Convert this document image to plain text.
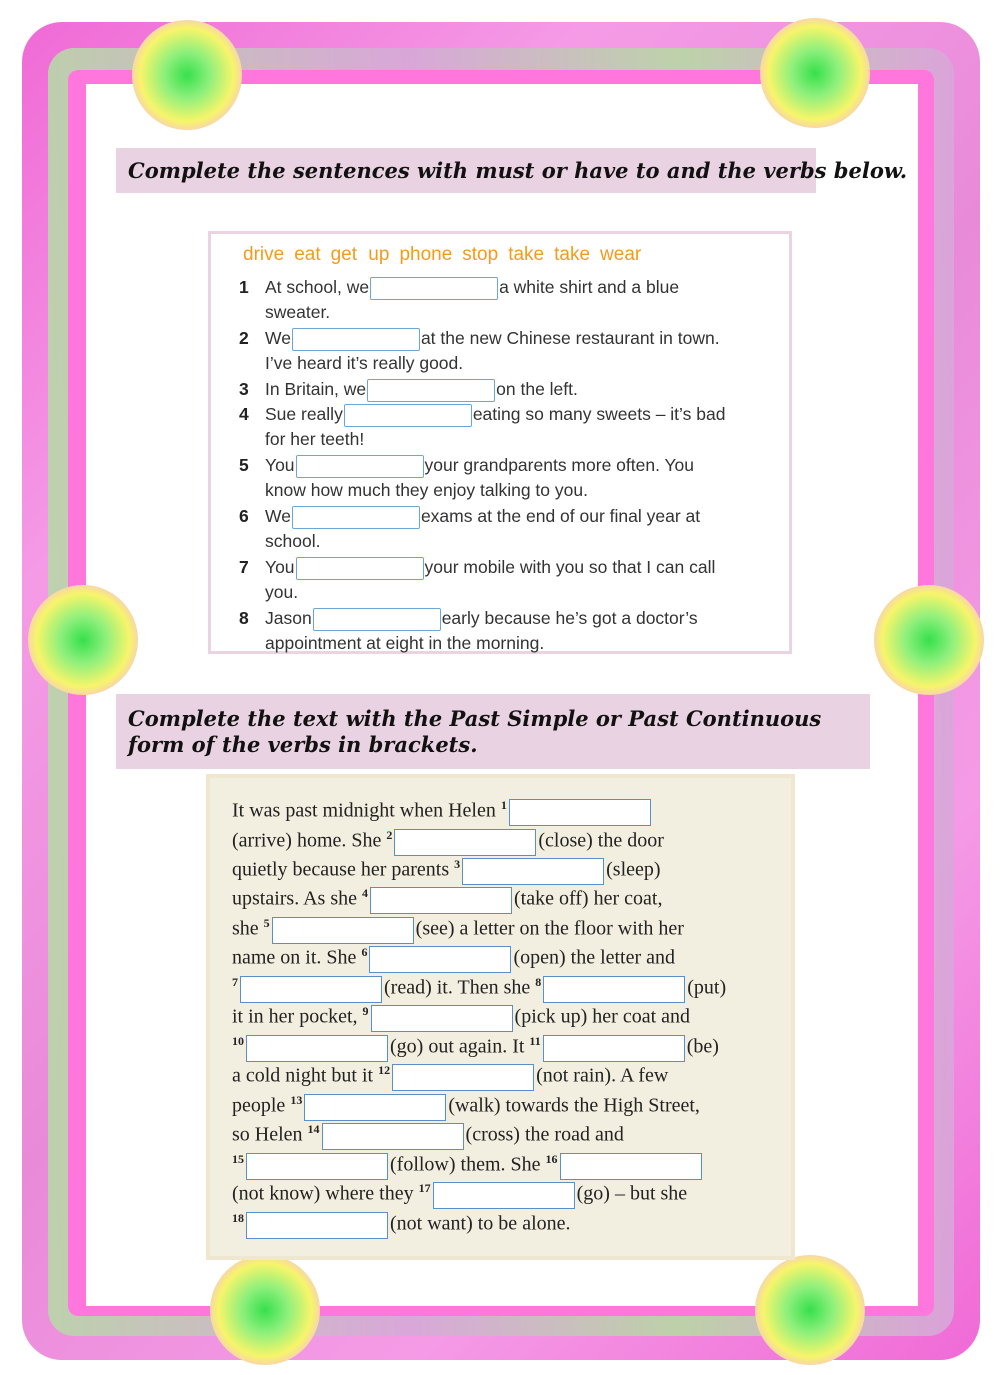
Complete the sentences with must or have to and the verbs below.
drive eat get up phone stop take take wear
1 At school, we	a white shirt and a blue
sweater.
2 We	at the new Chinese restaurant in town.
I’ve heard it’s really good.
3 In Britain, we	on the left.
4 Sue really	eating so many sweets – it’s bad
for her teeth!
5 You	your grandparents more often. You
know how much they enjoy talking to you.
6 We	exams at the end of our final year at
school.
7 You	your mobile with you so that I can call
you.
8 Jason	early because he’s got a doctor’s
appointment at eight in the morning.
Complete the text with the Past Simple or Past Continuous form of the verbs in brackets.
It was past midnight when Helen $^1$
(arrive) home. She $^2$	(close) the door
quietly because her parents $^3$	(sleep)
upstairs. As she $^4$	(take off) her coat,
she $^5$	(see) a letter on the floor with her
name on it. She $^6$	(open) the letter and
$^7$	(read) it. Then she $^8$	(put)
it in her pocket, $^9$	(pick up) her coat and
$^{10}$	(go) out again. It $^{11}$	(be)
a cold night but it $^{12}$	(not rain). A few
people $^{13}$	(walk) towards the High Street,
so Helen $^{14}$	(cross) the road and
$^{15}$	(follow) them. She $^{16}$
(not know) where they $^{17}$	(go) – but she
$^{18}$	(not want) to be alone.
